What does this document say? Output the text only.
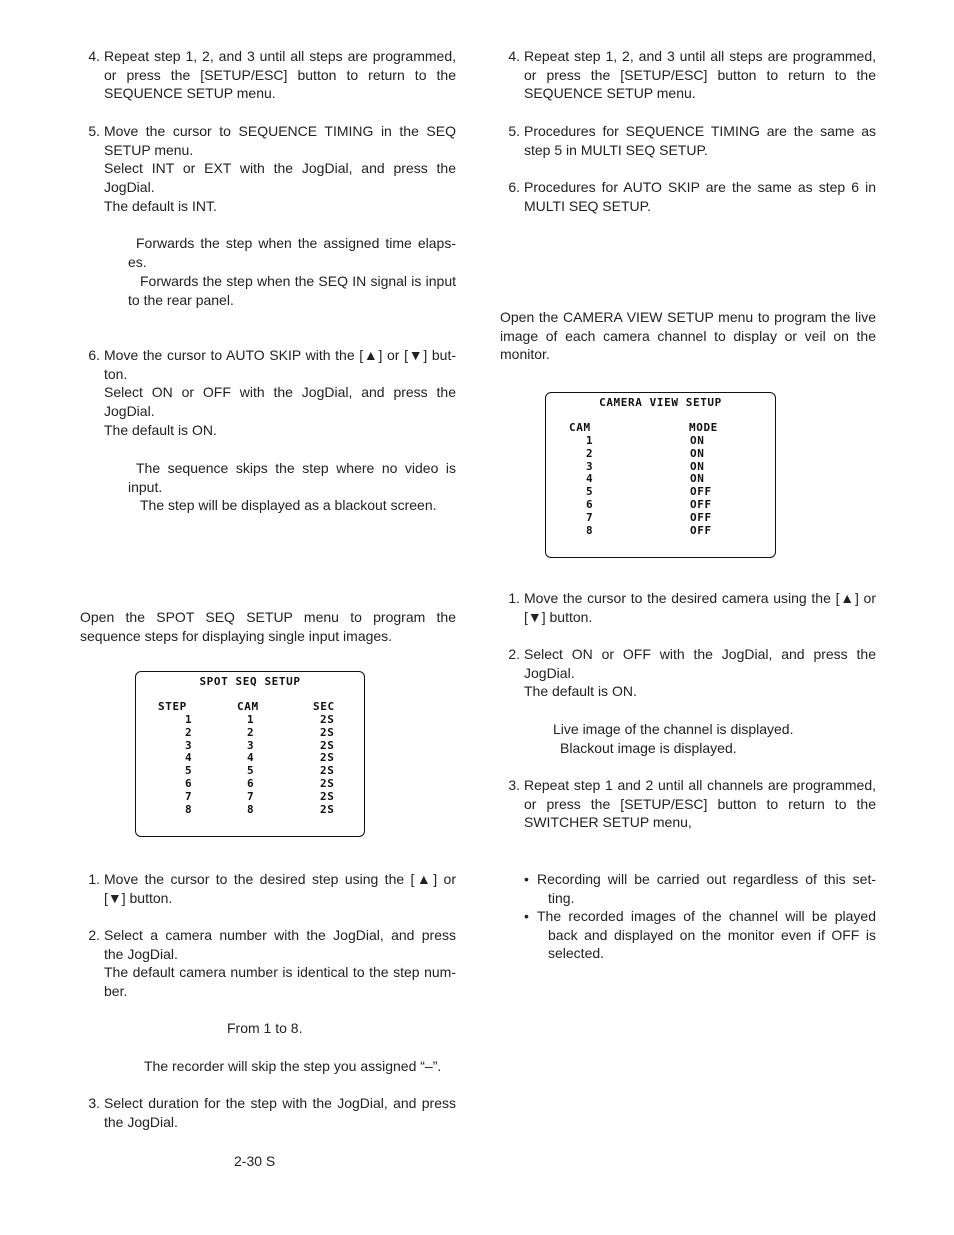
4. Repeat step 1, 2, and 3 until all steps are programmed,
or press the [SETUP/ESC] button to return to the
SEQUENCE SETUP menu.
5. Move the cursor to SEQUENCE TIMING in the SEQ
SETUP menu.
Select INT or EXT with the JogDial, and press the
JogDial.
The default is INT.
Forwards the step when the assigned time elaps-
es.
Forwards the step when the SEQ IN signal is input
to the rear panel.
6. Move the cursor to AUTO SKIP with the [▲] or [▼] but-
ton.
Select ON or OFF with the JogDial, and press the
JogDial.
The default is ON.
The sequence skips the step where no video is
input.
The step will be displayed as a blackout screen.
Open the SPOT SEQ SETUP menu to program the
sequence steps for displaying single input images.
SPOT SEQ SETUP
STEP	CAM	SEC
1	1	2S
2	2	2S
3	3	2S
4	4	2S
5	5	2S
6	6	2S
7	7	2S
8	8	2S
1. Move the cursor to the desired step using the [▲] or
[▼] button.
2. Select a camera number with the JogDial, and press
the JogDial.
The default camera number is identical to the step num-
ber.
From 1 to 8.
The recorder will skip the step you assigned “–”.
3. Select duration for the step with the JogDial, and press
the JogDial.
4. Repeat step 1, 2, and 3 until all steps are programmed,
or press the [SETUP/ESC] button to return to the
SEQUENCE SETUP menu.
5. Procedures for SEQUENCE TIMING are the same as
step 5 in MULTI SEQ SETUP.
6. Procedures for AUTO SKIP are the same as step 6 in
MULTI SEQ SETUP.
Open the CAMERA VIEW SETUP menu to program the live
image of each camera channel to display or veil on the
monitor.
CAMERA VIEW SETUP
CAM	MODE
1	ON
2	ON
3	ON
4	ON
5	OFF
6	OFF
7	OFF
8	OFF
1. Move the cursor to the desired camera using the [▲] or
[▼] button.
2. Select ON or OFF with the JogDial, and press the
JogDial.
The default is ON.
Live image of the channel is displayed.
Blackout image is displayed.
3. Repeat step 1 and 2 until all channels are programmed,
or press the [SETUP/ESC] button to return to the
SWITCHER SETUP menu,
• Recording will be carried out regardless of this set-
ting.
• The recorded images of the channel will be played
back and displayed on the monitor even if OFF is
selected.
2-30 S
